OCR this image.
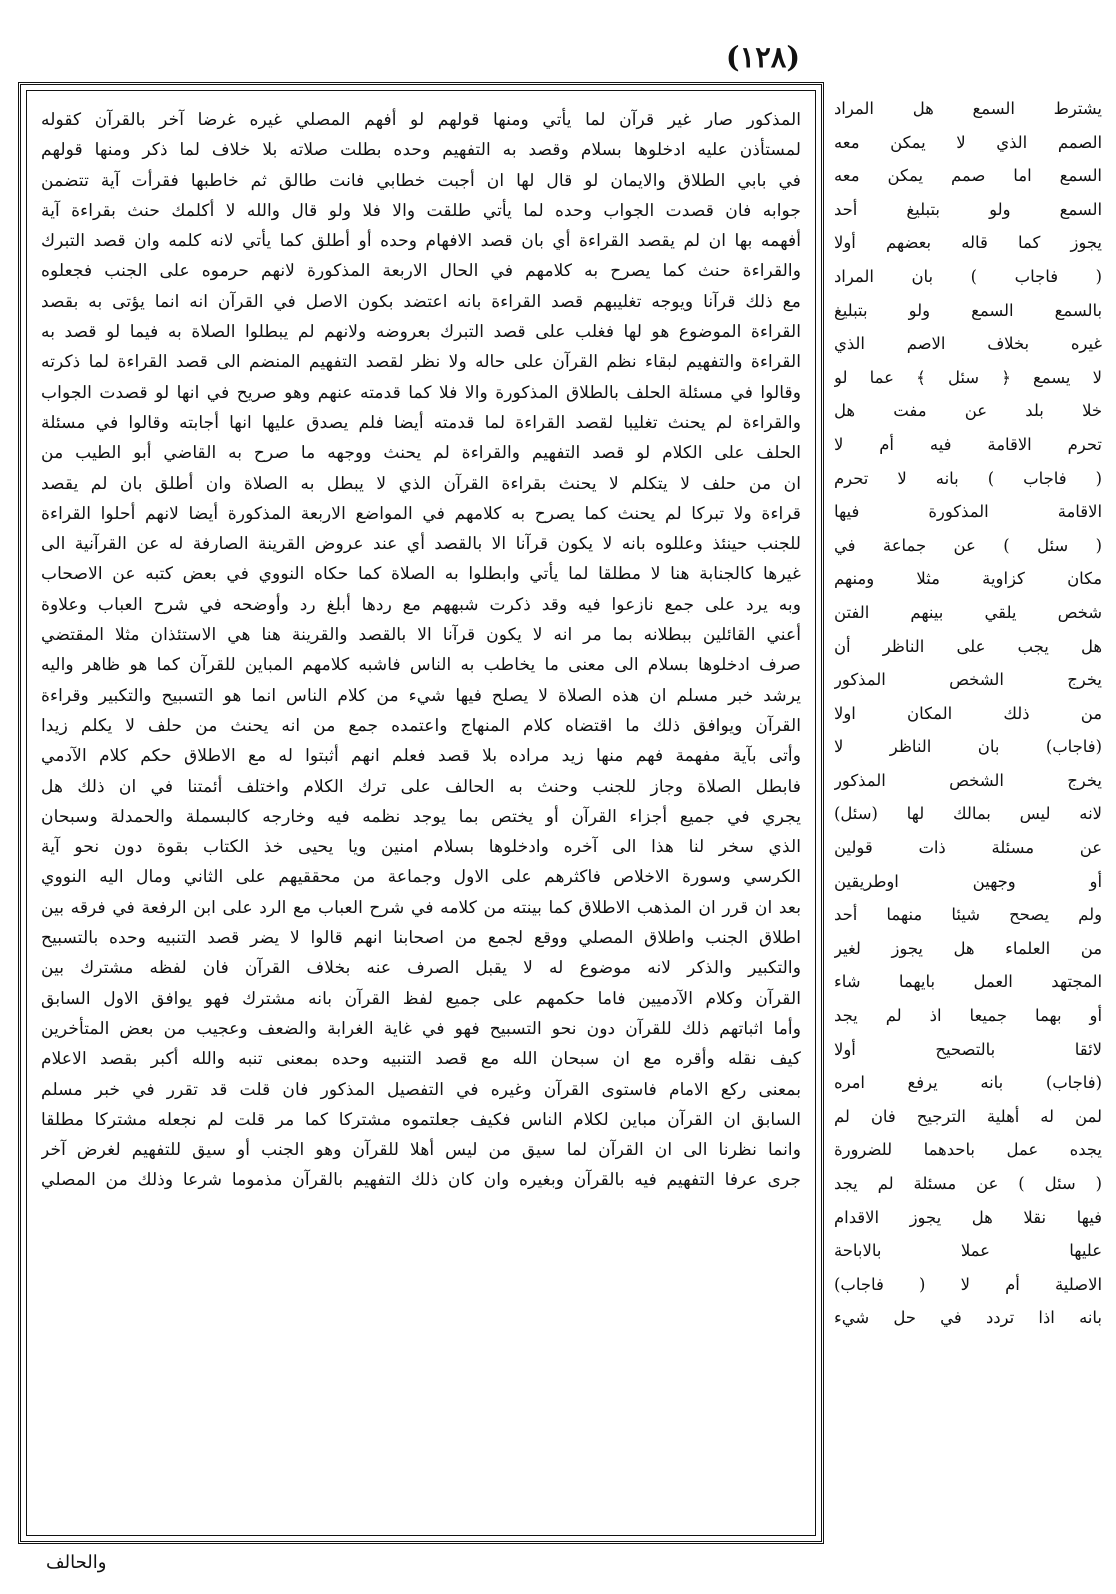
(١٢٨)
المذكور صار غير قرآن لما يأتي ومنها قولهم لو أفهم المصلي غيره غرضا آخر بالقرآن كقوله
لمستأذن عليه ادخلوها بسلام وقصد به التفهيم وحده بطلت صلاته بلا خلاف لما ذكر ومنها قولهم
في بابي الطلاق والايمان لو قال لها ان أجبت خطابي فانت طالق ثم خاطبها فقرأت آية تتضمن
جوابه فان قصدت الجواب وحده لما يأتي طلقت والا فلا ولو قال والله لا أكلمك حنث بقراءة آية
أفهمه بها ان لم يقصد القراءة أي بان قصد الافهام وحده أو أطلق كما يأتي لانه كلمه وان قصد التبرك
والقراءة حنث كما يصرح به كلامهم في الحال الاربعة المذكورة لانهم حرموه على الجنب فجعلوه
مع ذلك قرآنا ويوجه تغليبهم قصد القراءة بانه اعتضد بكون الاصل في القرآن انه انما يؤتى به بقصد
القراءة الموضوع هو لها فغلب على قصد التبرك بعروضه ولانهم لم يبطلوا الصلاة به فيما لو قصد به
القراءة والتفهيم لبقاء نظم القرآن على حاله ولا نظر لقصد التفهيم المنضم الى قصد القراءة لما ذكرته
وقالوا في مسئلة الحلف بالطلاق المذكورة والا فلا كما قدمته عنهم وهو صريح في انها لو قصدت الجواب
والقراءة لم يحنث تغليبا لقصد القراءة لما قدمته أيضا فلم يصدق عليها انها أجابته وقالوا في مسئلة
الحلف على الكلام لو قصد التفهيم والقراءة لم يحنث ووجهه ما صرح به القاضي أبو الطيب من
ان من حلف لا يتكلم لا يحنث بقراءة القرآن الذي لا يبطل به الصلاة وان أطلق بان لم يقصد
قراءة ولا تبركا لم يحنث كما يصرح به كلامهم في المواضع الاربعة المذكورة أيضا لانهم أحلوا القراءة
للجنب حينئذ وعللوه بانه لا يكون قرآنا الا بالقصد أي عند عروض القرينة الصارفة له عن القرآنية الى
غيرها كالجنابة هنا لا مطلقا لما يأتي وابطلوا به الصلاة كما حكاه النووي في بعض كتبه عن الاصحاب
وبه يرد على جمع نازعوا فيه وقد ذكرت شبههم مع ردها أبلغ رد وأوضحه في شرح العباب وعلاوة
أعني القائلين ببطلانه بما مر انه لا يكون قرآنا الا بالقصد والقرينة هنا هي الاستئذان مثلا المقتضي
صرف ادخلوها بسلام الى معنى ما يخاطب به الناس فاشبه كلامهم المباين للقرآن كما هو ظاهر واليه
يرشد خبر مسلم ان هذه الصلاة لا يصلح فيها شيء من كلام الناس انما هو التسبيح والتكبير وقراءة
القرآن ويوافق ذلك ما اقتضاه كلام المنهاج واعتمده جمع من انه يحنث من حلف لا يكلم زيدا
وأتى بآية مفهمة فهم منها زيد مراده بلا قصد فعلم انهم أثبتوا له مع الاطلاق حكم كلام الآدمي
فابطل الصلاة وجاز للجنب وحنث به الحالف على ترك الكلام واختلف أئمتنا في ان ذلك هل
يجري في جميع أجزاء القرآن أو يختص بما يوجد نظمه فيه وخارجه كالبسملة والحمدلة وسبحان
الذي سخر لنا هذا الى آخره وادخلوها بسلام امنين ويا يحيى خذ الكتاب بقوة دون نحو آية
الكرسي وسورة الاخلاص فاكثرهم على الاول وجماعة من محققيهم على الثاني ومال اليه النووي
بعد ان قرر ان المذهب الاطلاق كما بينته من كلامه في شرح العباب مع الرد على ابن الرفعة في فرقه بين
اطلاق الجنب واطلاق المصلي ووقع لجمع من اصحابنا انهم قالوا لا يضر قصد التنبيه وحده بالتسبيح
والتكبير والذكر لانه موضوع له لا يقبل الصرف عنه بخلاف القرآن فان لفظه مشترك بين
القرآن وكلام الآدميين فاما حكمهم على جميع لفظ القرآن بانه مشترك فهو يوافق الاول السابق
وأما اثباتهم ذلك للقرآن دون نحو التسبيح فهو في غاية الغرابة والضعف وعجيب من بعض المتأخرين
كيف نقله وأقره مع ان سبحان الله مع قصد التنبيه وحده بمعنى تنبه والله أكبر بقصد الاعلام
بمعنى ركع الامام فاستوى القرآن وغيره في التفصيل المذكور فان قلت قد تقرر في خبر مسلم
السابق ان القرآن مباين لكلام الناس فكيف جعلتموه مشتركا كما مر قلت لم نجعله مشتركا مطلقا
وانما نظرنا الى ان القرآن لما سيق من ليس أهلا للقرآن وهو الجنب أو سيق للتفهيم لغرض آخر
جرى عرفا التفهيم فيه بالقرآن وبغيره وان كان ذلك التفهيم بالقرآن مذموما شرعا وذلك من المصلي
يشترط السمع هل المراد
الصمم الذي لا يمكن معه
السمع اما صمم يمكن معه
السمع ولو بتبليغ أحد
يجوز كما قاله بعضهم أولا
( فاجاب ) بان المراد
بالسمع السمع ولو بتبليغ
غيره بخلاف الاصم الذي
لا يسمع ﴿ سئل ﴾ عما لو
خلا بلد عن مفت هل
تحرم الاقامة فيه أم لا
( فاجاب ) بانه لا تحرم
الاقامة المذكورة فيها
( سئل ) عن جماعة في
مكان كزاوية مثلا ومنهم
شخص يلقي بينهم الفتن
هل يجب على الناظر أن
يخرج الشخص المذكور
من ذلك المكان اولا
(فاجاب) بان الناظر لا
يخرج الشخص المذكور
لانه ليس بمالك لها (سئل)
عن مسئلة ذات قولين
أو وجهين اوطريقين
ولم يصحح شيئا منهما أحد
من العلماء هل يجوز لغير
المجتهد العمل بايهما شاء
أو بهما جميعا اذ لم يجد
لائقا بالتصحيح أولا
(فاجاب) بانه يرفع امره
لمن له أهلية الترجيح فان لم
يجده عمل باحدهما للضرورة
( سئل ) عن مسئلة لم يجد
فيها نقلا هل يجوز الاقدام
عليها عملا بالاباحة
الاصلية أم لا ( فاجاب)
بانه اذا تردد في حل شيء
والحالف
